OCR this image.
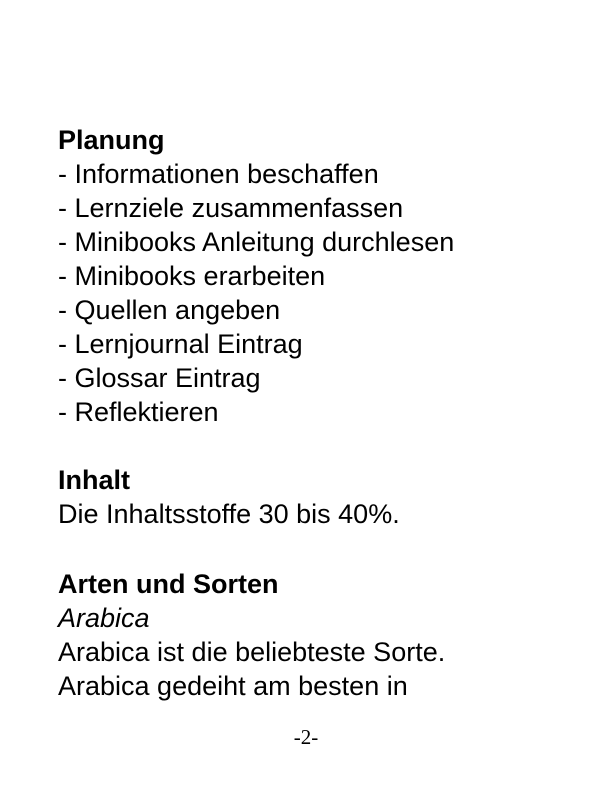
Planung

- Informationen beschaffen
- Lernziele zusammenfassen
- Minibooks Anleitung durchlesen
- Minibooks erarbeiten
- Quellen angeben
- Lernjournal Eintrag
- Glossar Eintrag
- Reflektieren

Inhalt

Die Inhaltsstoffe 30 bis 40%.

Arten und Sorten

Arabica

Arabica ist die beliebteste Sorte.

Arabica gedeiht am besten in

-2-
